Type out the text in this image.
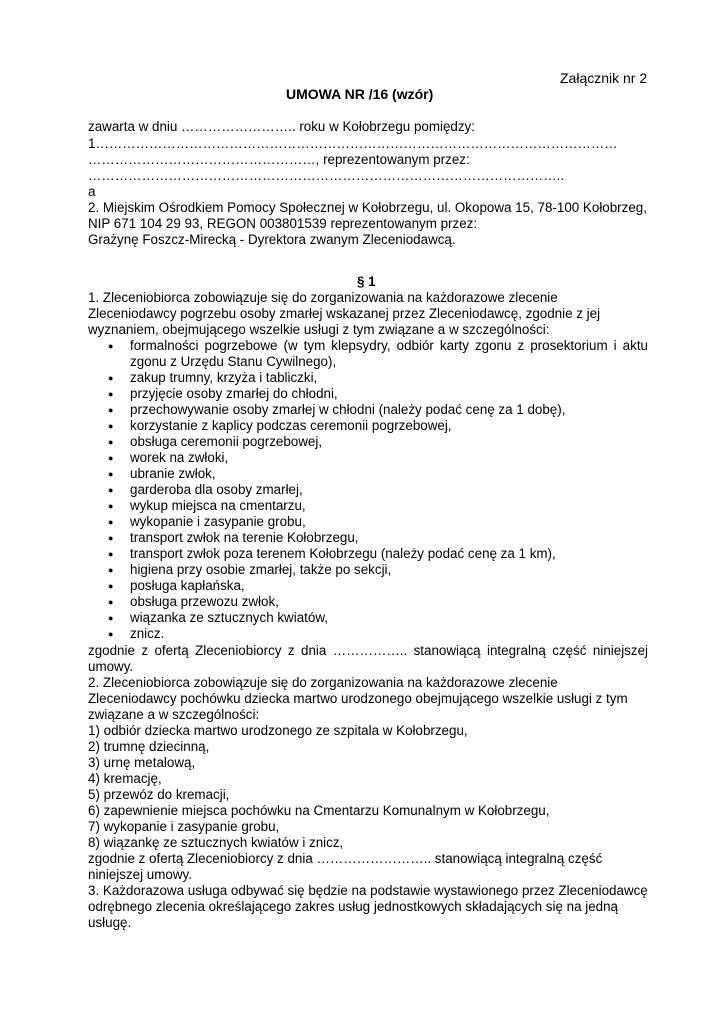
Załącznik nr 2
UMOWA NR /16 (wzór)
zawarta w dniu …………………….. roku w Kołobrzegu pomiędzy:
1………………………………………………………………………………………………………
……………………………………………, reprezentowanym przez:
……………………………………………………………………………………………..
a
2. Miejskim Ośrodkiem Pomocy Społecznej w Kołobrzegu, ul. Okopowa 15, 78-100 Kołobrzeg,
NIP 671 104 29 93, REGON 003801539 reprezentowanym przez:
Grażynę Foszcz-Mirecką - Dyrektora zwanym Zleceniodawcą.
§ 1
1. Zleceniobiorca zobowiązuje się do zorganizowania na każdorazowe zlecenie
Zleceniodawcy pogrzebu osoby zmarłej wskazanej przez Zleceniodawcę, zgodnie z jej
wyznaniem, obejmującego wszelkie usługi z tym związane a w szczególności:
● formalności pogrzebowe (w tym klepsydry, odbiór karty zgonu z prosektorium i aktu
zgonu z Urzędu Stanu Cywilnego),
● zakup trumny, krzyża i tabliczki,
● przyjęcie osoby zmarłej do chłodni,
● przechowywanie osoby zmarłej w chłodni (należy podać cenę za 1 dobę),
● korzystanie z kaplicy podczas ceremonii pogrzebowej,
● obsługa ceremonii pogrzebowej,
● worek na zwłoki,
● ubranie zwłok,
● garderoba dla osoby zmarłej,
● wykup miejsca na cmentarzu,
● wykopanie i zasypanie grobu,
● transport zwłok na terenie Kołobrzegu,
● transport zwłok poza terenem Kołobrzegu (należy podać cenę za 1 km),
● higiena przy osobie zmarłej, także po sekcji,
● posługa kapłańska,
● obsługa przewozu zwłok,
● wiązanka ze sztucznych kwiatów,
● znicz.
zgodnie z ofertą Zleceniobiorcy z dnia …………….. stanowiącą integralną część niniejszej
umowy.
2. Zleceniobiorca zobowiązuje się do zorganizowania na każdorazowe zlecenie
Zleceniodawcy pochówku dziecka martwo urodzonego obejmującego wszelkie usługi z tym
związane a w szczególności:
1) odbiór dziecka martwo urodzonego ze szpitala w Kołobrzegu,
2) trumnę dziecinną,
3) urnę metalową,
4) kremację,
5) przewóz do kremacji,
6) zapewnienie miejsca pochówku na Cmentarzu Komunalnym w Kołobrzegu,
7) wykopanie i zasypanie grobu,
8) wiązankę ze sztucznych kwiatów i znicz,
zgodnie z ofertą Zleceniobiorcy z dnia …………………….. stanowiącą integralną część
niniejszej umowy.
3. Każdorazowa usługa odbywać się będzie na podstawie wystawionego przez Zleceniodawcę
odrębnego zlecenia określającego zakres usług jednostkowych składających się na jedną
usługę.
